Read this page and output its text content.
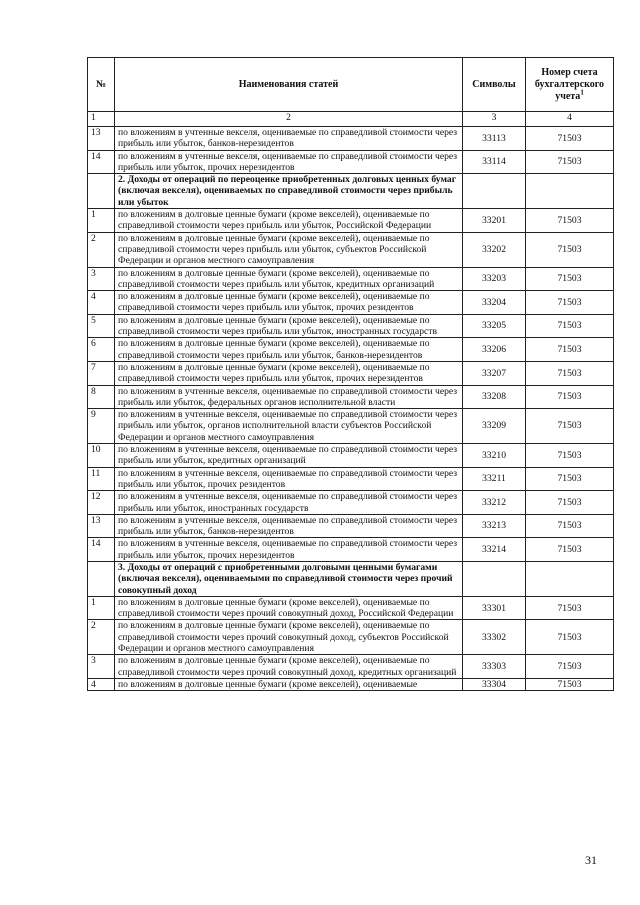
№	Наименования статей	Символы	Номер счета бухгалтерского учета$^1$
1	2	3	4
13	по вложениям в учтенные векселя, оцениваемые по справедливой стоимости через прибыль или убыток, банков-нерезидентов	33113	71503
14	по вложениям в учтенные векселя, оцениваемые по справедливой стоимости через прибыль или убыток, прочих нерезидентов	33114	71503
	2. Доходы от операций по переоценке приобретенных долговых ценных бумаг (включая векселя), оцениваемых по справедливой стоимости через прибыль или убыток		
1	по вложениям в долговые ценные бумаги (кроме векселей), оцениваемые по справедливой стоимости через прибыль или убыток, Российской Федерации	33201	71503
2	по вложениям в долговые ценные бумаги (кроме векселей), оцениваемые по справедливой стоимости через прибыль или убыток, субъектов Российской Федерации и органов местного самоуправления	33202	71503
3	по вложениям в долговые ценные бумаги (кроме векселей), оцениваемые по справедливой стоимости через прибыль или убыток, кредитных организаций	33203	71503
4	по вложениям в долговые ценные бумаги (кроме векселей), оцениваемые по справедливой стоимости через прибыль или убыток, прочих резидентов	33204	71503
5	по вложениям в долговые ценные бумаги (кроме векселей), оцениваемые по справедливой стоимости через прибыль или убыток, иностранных государств	33205	71503
6	по вложениям в долговые ценные бумаги (кроме векселей), оцениваемые по справедливой стоимости через прибыль или убыток, банков-нерезидентов	33206	71503
7	по вложениям в долговые ценные бумаги (кроме векселей), оцениваемые по справедливой стоимости через прибыль или убыток, прочих нерезидентов	33207	71503
8	по вложениям в учтенные векселя, оцениваемые по справедливой стоимости через прибыль или убыток, федеральных органов исполнительной власти	33208	71503
9	по вложениям в учтенные векселя, оцениваемые по справедливой стоимости через прибыль или убыток, органов исполнительной власти субъектов Российской Федерации и органов местного самоуправления	33209	71503
10	по вложениям в учтенные векселя, оцениваемые по справедливой стоимости через прибыль или убыток, кредитных организаций	33210	71503
11	по вложениям в учтенные векселя, оцениваемые по справедливой стоимости через прибыль или убыток, прочих резидентов	33211	71503
12	по вложениям в учтенные векселя, оцениваемые по справедливой стоимости через прибыль или убыток, иностранных государств	33212	71503
13	по вложениям в учтенные векселя, оцениваемые по справедливой стоимости через прибыль или убыток, банков-нерезидентов	33213	71503
14	по вложениям в учтенные векселя, оцениваемые по справедливой стоимости через прибыль или убыток, прочих нерезидентов	33214	71503
	3. Доходы от операций с приобретенными долговыми ценными бумагами (включая векселя), оцениваемыми по справедливой стоимости через прочий совокупный доход		
1	по вложениям в долговые ценные бумаги (кроме векселей), оцениваемые по справедливой стоимости через прочий совокупный доход, Российской Федерации	33301	71503
2	по вложениям в долговые ценные бумаги (кроме векселей), оцениваемые по справедливой стоимости через прочий совокупный доход, субъектов Российской Федерации и органов местного самоуправления	33302	71503
3	по вложениям в долговые ценные бумаги (кроме векселей), оцениваемые по справедливой стоимости через прочий совокупный доход, кредитных организаций	33303	71503
4	по вложениям в долговые ценные бумаги (кроме векселей), оцениваемые	33304	71503
31
